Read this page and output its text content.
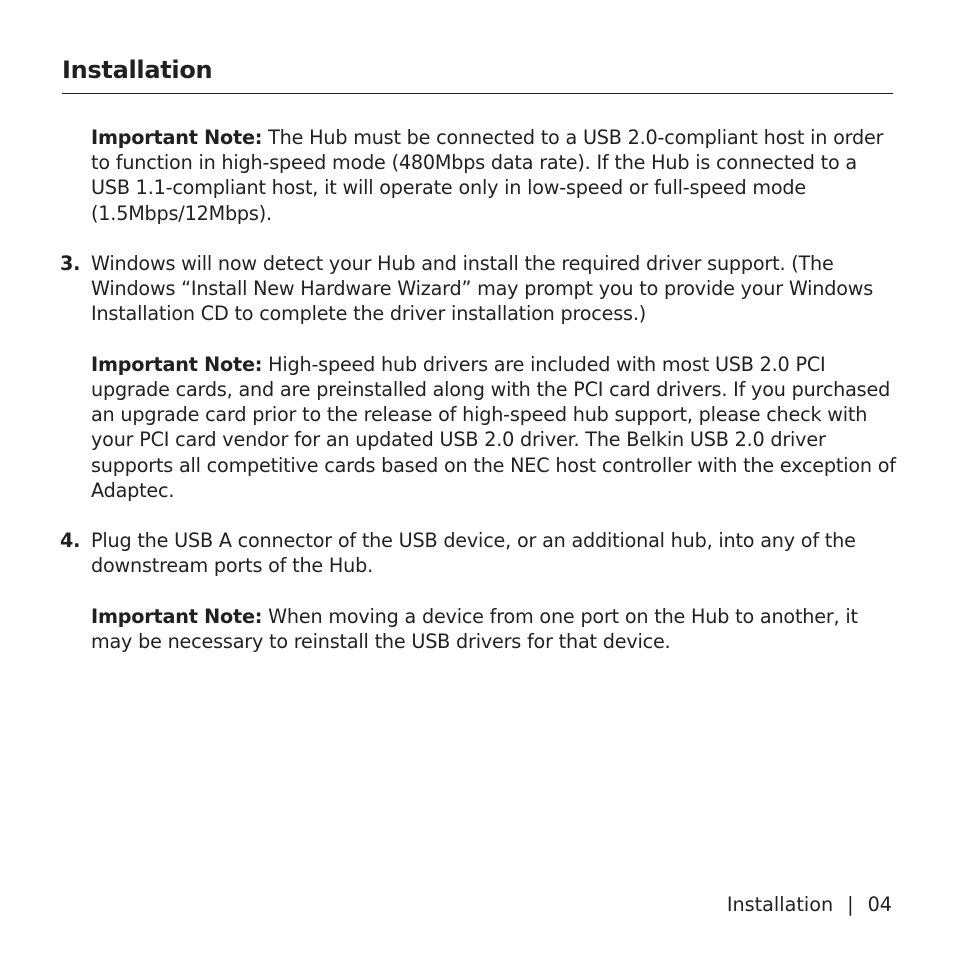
Installation

Important Note: The Hub must be connected to a USB 2.0-compliant host in order to function in high-speed mode (480Mbps data rate). If the Hub is connected to a USB 1.1-compliant host, it will operate only in low-speed or full-speed mode (1.5Mbps/12Mbps).

3. Windows will now detect your Hub and install the required driver support. (The Windows “Install New Hardware Wizard” may prompt you to provide your Windows Installation CD to complete the driver installation process.)

Important Note: High-speed hub drivers are included with most USB 2.0 PCI upgrade cards, and are preinstalled along with the PCI card drivers. If you purchased an upgrade card prior to the release of high-speed hub support, please check with your PCI card vendor for an updated USB 2.0 driver. The Belkin USB 2.0 driver supports all competitive cards based on the NEC host controller with the exception of Adaptec.

4. Plug the USB A connector of the USB device, or an additional hub, into any of the downstream ports of the Hub.

Important Note: When moving a device from one port on the Hub to another, it may be necessary to reinstall the USB drivers for that device.

Installation | 04
